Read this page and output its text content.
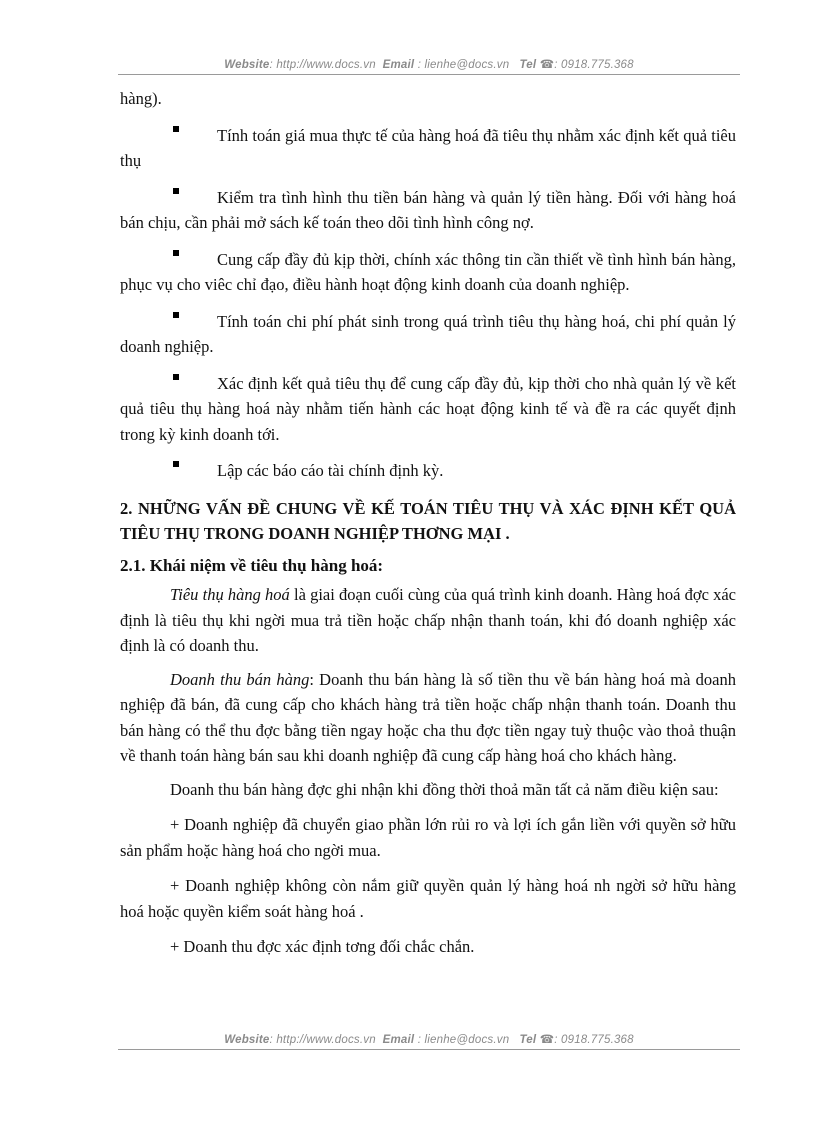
Website: http://www.docs.vn Email : lienhe@docs.vn Tel ☎: 0918.775.368

hàng).

Tính toán giá mua thực tế của hàng hoá đã tiêu thụ nhằm xác định kết quả tiêu thụ

Kiểm tra tình hình thu tiền bán hàng và quản lý tiền hàng. Đối với hàng hoá bán chịu, cần phải mở sách kế toán theo dõi tình hình công nợ.

Cung cấp đầy đủ kịp thời, chính xác thông tin cần thiết về tình hình bán hàng, phục vụ cho viêc chỉ đạo, điều hành hoạt động kinh doanh của doanh nghiệp.

Tính toán chi phí phát sinh trong quá trình tiêu thụ hàng hoá, chi phí quản lý doanh nghiệp.

Xác định kết quả tiêu thụ để cung cấp đầy đủ, kịp thời cho nhà quản lý về kết quả tiêu thụ hàng hoá này nhằm tiến hành các hoạt động kinh tế và đề ra các quyết định trong kỳ kinh doanh tới.

Lập các báo cáo tài chính định kỳ.

2. NHỮNG VẤN ĐỀ CHUNG VỀ KẾ TOÁN TIÊU THỤ VÀ XÁC ĐỊNH KẾT QUẢ TIÊU THỤ TRONG DOANH NGHIỆP THƠNG MẠI .

2.1. Khái niệm về tiêu thụ hàng hoá:

Tiêu thụ hàng hoá là giai đoạn cuối cùng của quá trình kinh doanh. Hàng hoá đợc xác định là tiêu thụ khi ngời mua trả tiền hoặc chấp nhận thanh toán, khi đó doanh nghiệp xác định là có doanh thu.

Doanh thu bán hàng: Doanh thu bán hàng là số tiền thu về bán hàng hoá mà doanh nghiệp đã bán, đã cung cấp cho khách hàng trả tiền hoặc chấp nhận thanh toán. Doanh thu bán hàng có thể thu đợc bằng tiền ngay hoặc cha thu đợc tiền ngay tuỳ thuộc vào thoả thuận về thanh toán hàng bán sau khi doanh nghiệp đã cung cấp hàng hoá cho khách hàng.

Doanh thu bán hàng đợc ghi nhận khi đồng thời thoả mãn tất cả năm điều kiện sau:

+ Doanh nghiệp đã chuyển giao phần lớn rủi ro và lợi ích gắn liền với quyền sở hữu sản phẩm hoặc hàng hoá cho ngời mua.

+ Doanh nghiệp không còn nắm giữ quyền quản lý hàng hoá nh ngời sở hữu hàng hoá hoặc quyền kiểm soát hàng hoá .

+ Doanh thu đợc xác định tơng đối chắc chắn.

Website: http://www.docs.vn Email : lienhe@docs.vn Tel ☎: 0918.775.368
